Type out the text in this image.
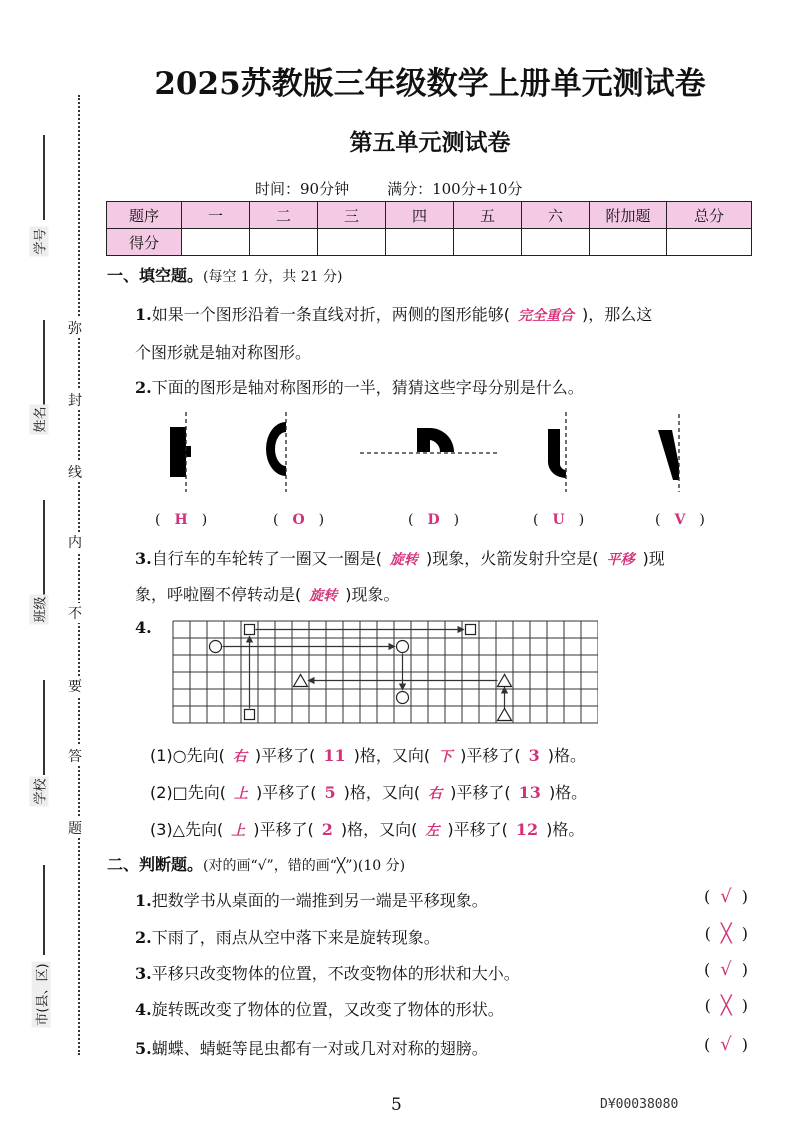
学号
姓名
班级
学校
市(县、区)
弥
封
线
内
不
要
答
题
2025苏教版三年级数学上册单元测试卷
第五单元测试卷
时间：90分钟	满分：100分+10分
题序	一	二	三	四	五	六	附加题	总分
得分								
一、填空题。(每空 1 分，共 21 分)
1.如果一个图形沿着一条直线对折，两侧的图形能够( 完全重合 )，那么这
个图形就是轴对称图形。
2.下面的图形是轴对称图形的一半，猜猜这些字母分别是什么。
( H )	( O )	( D )	( U )	( V )
3.自行车的车轮转了一圈又一圈是( 旋转 )现象，火箭发射升空是( 平移 )现
象，呼啦圈不停转动是( 旋转 )现象。
4.
(1)○先向( 右 )平移了( 11 )格，又向( 下 )平移了( 3 )格。
(2)□先向( 上 )平移了( 5 )格，又向( 右 )平移了( 13 )格。
(3)△先向( 上 )平移了( 2 )格，又向( 左 )平移了( 12 )格。
二、判断题。(对的画“√”，错的画“╳”)(10 分)
1.把数学书从桌面的一端推到另一端是平移现象。	( √ )
2.下雨了，雨点从空中落下来是旋转现象。	( ╳ )
3.平移只改变物体的位置，不改变物体的形状和大小。	( √ )
4.旋转既改变了物体的位置，又改变了物体的形状。	( ╳ )
5.蝴蝶、蜻蜓等昆虫都有一对或几对对称的翅膀。	( √ )
5	D¥00038080
